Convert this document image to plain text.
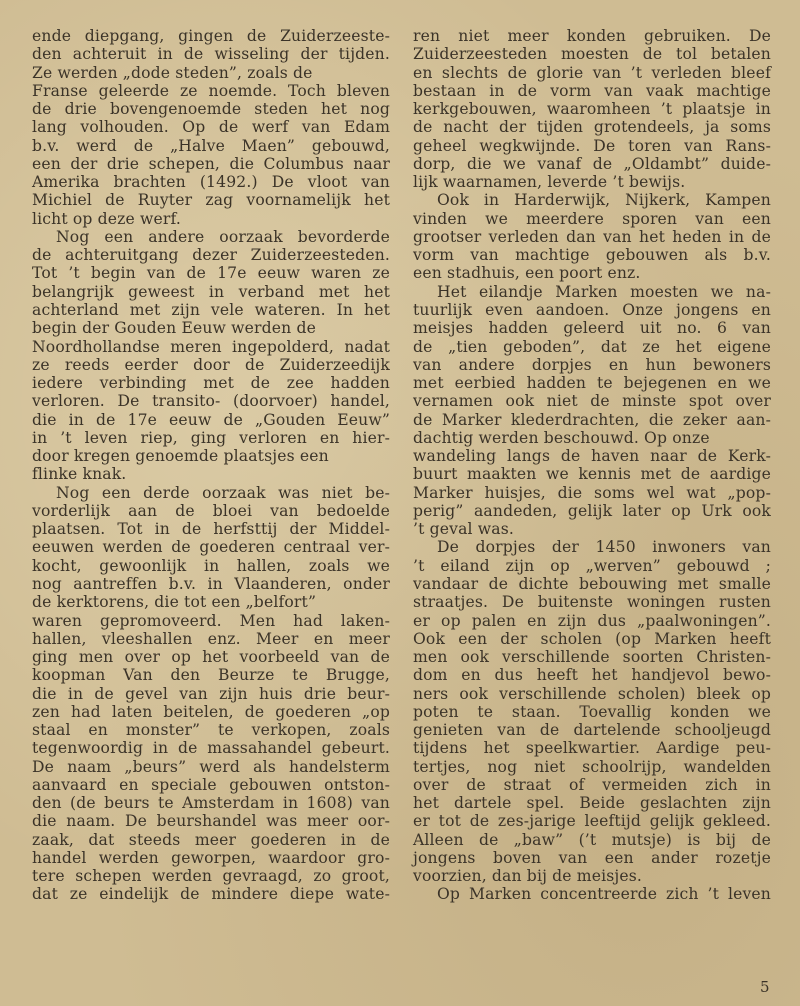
ende diepgang, gingen de Zuiderzeeste-
den achteruit in de wisseling der tijden.
Ze werden „dode steden”, zoals de
Franse geleerde ze noemde. Toch bleven
de drie bovengenoemde steden het nog
lang volhouden. Op de werf van Edam
b.v. werd de „Halve Maen” gebouwd,
een der drie schepen, die Columbus naar
Amerika brachten (1492.) De vloot van
Michiel de Ruyter zag voornamelijk het
licht op deze werf.
Nog een andere oorzaak bevorderde
de achteruitgang dezer Zuiderzeesteden.
Tot ’t begin van de 17e eeuw waren ze
belangrijk geweest in verband met het
achterland met zijn vele wateren. In het
begin der Gouden Eeuw werden de
Noordhollandse meren ingepolderd, nadat
ze reeds eerder door de Zuiderzeedijk
iedere verbinding met de zee hadden
verloren. De transito- (doorvoer) handel,
die in de 17e eeuw de „Gouden Eeuw”
in ’t leven riep, ging verloren en hier-
door kregen genoemde plaatsjes een
flinke knak.
Nog een derde oorzaak was niet be-
vorderlijk aan de bloei van bedoelde
plaatsen. Tot in de herfsttij der Middel-
eeuwen werden de goederen centraal ver-
kocht, gewoonlijk in hallen, zoals we
nog aantreffen b.v. in Vlaanderen, onder
de kerktorens, die tot een „belfort”
waren gepromoveerd. Men had laken-
hallen, vleeshallen enz. Meer en meer
ging men over op het voorbeeld van de
koopman Van den Beurze te Brugge,
die in de gevel van zijn huis drie beur-
zen had laten beitelen, de goederen „op
staal en monster” te verkopen, zoals
tegenwoordig in de massahandel gebeurt.
De naam „beurs” werd als handelsterm
aanvaard en speciale gebouwen ontston-
den (de beurs te Amsterdam in 1608) van
die naam. De beurshandel was meer oor-
zaak, dat steeds meer goederen in de
handel werden geworpen, waardoor gro-
tere schepen werden gevraagd, zo groot,
dat ze eindelijk de mindere diepe wate-
ren niet meer konden gebruiken. De
Zuiderzeesteden moesten de tol betalen
en slechts de glorie van ’t verleden bleef
bestaan in de vorm van vaak machtige
kerkgebouwen, waaromheen ’t plaatsje in
de nacht der tijden grotendeels, ja soms
geheel wegkwijnde. De toren van Rans-
dorp, die we vanaf de „Oldambt” duide-
lijk waarnamen, leverde ’t bewijs.
Ook in Harderwijk, Nijkerk, Kampen
vinden we meerdere sporen van een
grootser verleden dan van het heden in de
vorm van machtige gebouwen als b.v.
een stadhuis, een poort enz.
Het eilandje Marken moesten we na-
tuurlijk even aandoen. Onze jongens en
meisjes hadden geleerd uit no. 6 van
de „tien geboden”, dat ze het eigene
van andere dorpjes en hun bewoners
met eerbied hadden te bejegenen en we
vernamen ook niet de minste spot over
de Marker klederdrachten, die zeker aan-
dachtig werden beschouwd. Op onze
wandeling langs de haven naar de Kerk-
buurt maakten we kennis met de aardige
Marker huisjes, die soms wel wat „pop-
perig” aandeden, gelijk later op Urk ook
’t geval was.
De dorpjes der 1450 inwoners van
’t eiland zijn op „werven” gebouwd ;
vandaar de dichte bebouwing met smalle
straatjes. De buitenste woningen rusten
er op palen en zijn dus „paalwoningen”.
Ook een der scholen (op Marken heeft
men ook verschillende soorten Christen-
dom en dus heeft het handjevol bewo-
ners ook verschillende scholen) bleek op
poten te staan. Toevallig konden we
genieten van de dartelende schooljeugd
tijdens het speelkwartier. Aardige peu-
tertjes, nog niet schoolrijp, wandelden
over de straat of vermeiden zich in
het dartele spel. Beide geslachten zijn
er tot de zes-jarige leeftijd gelijk gekleed.
Alleen de „baw” (’t mutsje) is bij de
jongens boven van een ander rozetje
voorzien, dan bij de meisjes.
Op Marken concentreerde zich ’t leven
5
